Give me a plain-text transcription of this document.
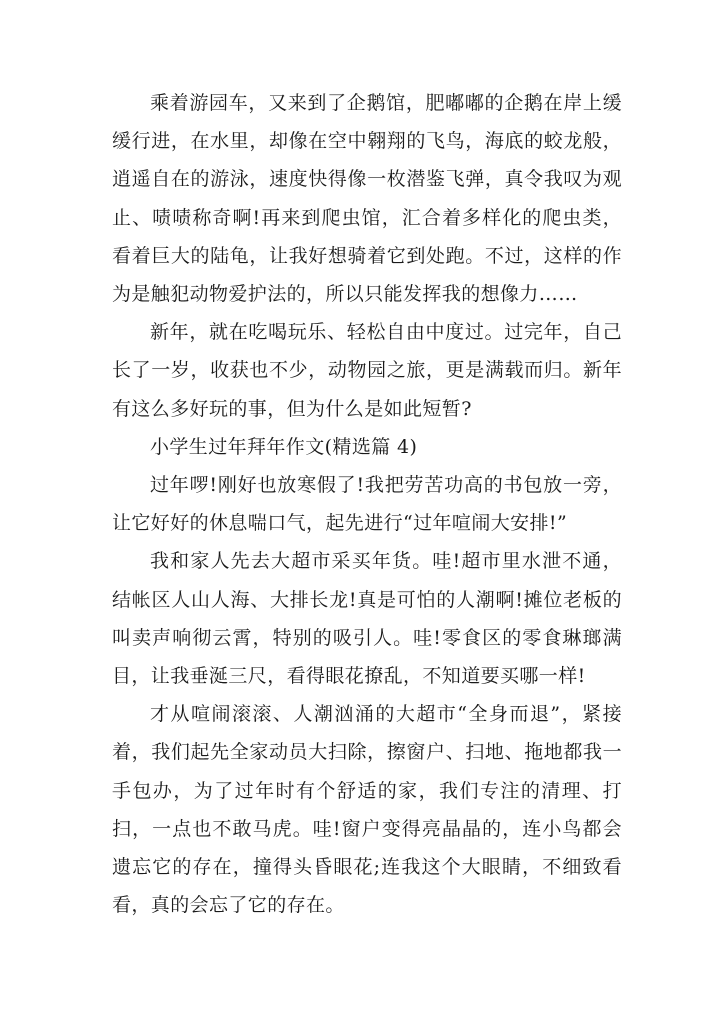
乘着游园车，又来到了企鹅馆，肥嘟嘟的企鹅在岸上缓缓行进，在水里，却像在空中翱翔的飞鸟，海底的蛟龙般，逍遥自在的游泳，速度快得像一枚潜鉴飞弹，真令我叹为观止、啧啧称奇啊!再来到爬虫馆，汇合着多样化的爬虫类，看着巨大的陆龟，让我好想骑着它到处跑。不过，这样的作为是触犯动物爱护法的，所以只能发挥我的想像力……

新年，就在吃喝玩乐、轻松自由中度过。过完年，自己长了一岁，收获也不少，动物园之旅，更是满载而归。新年有这么多好玩的事，但为什么是如此短暂?

小学生过年拜年作文(精选篇 4)

过年啰!刚好也放寒假了!我把劳苦功高的书包放一旁，让它好好的休息喘口气，起先进行“过年喧闹大安排!”

我和家人先去大超市采买年货。哇!超市里水泄不通，结帐区人山人海、大排长龙!真是可怕的人潮啊!摊位老板的叫卖声响彻云霄，特别的吸引人。哇!零食区的零食琳瑯满目，让我垂涎三尺，看得眼花撩乱，不知道要买哪一样!

才从喧闹滚滚、人潮汹涌的大超市“全身而退”，紧接着，我们起先全家动员大扫除，擦窗户、扫地、拖地都我一手包办，为了过年时有个舒适的家，我们专注的清理、打扫，一点也不敢马虎。哇!窗户变得亮晶晶的，连小鸟都会遗忘它的存在，撞得头昏眼花;连我这个大眼睛，不细致看看，真的会忘了它的存在。
